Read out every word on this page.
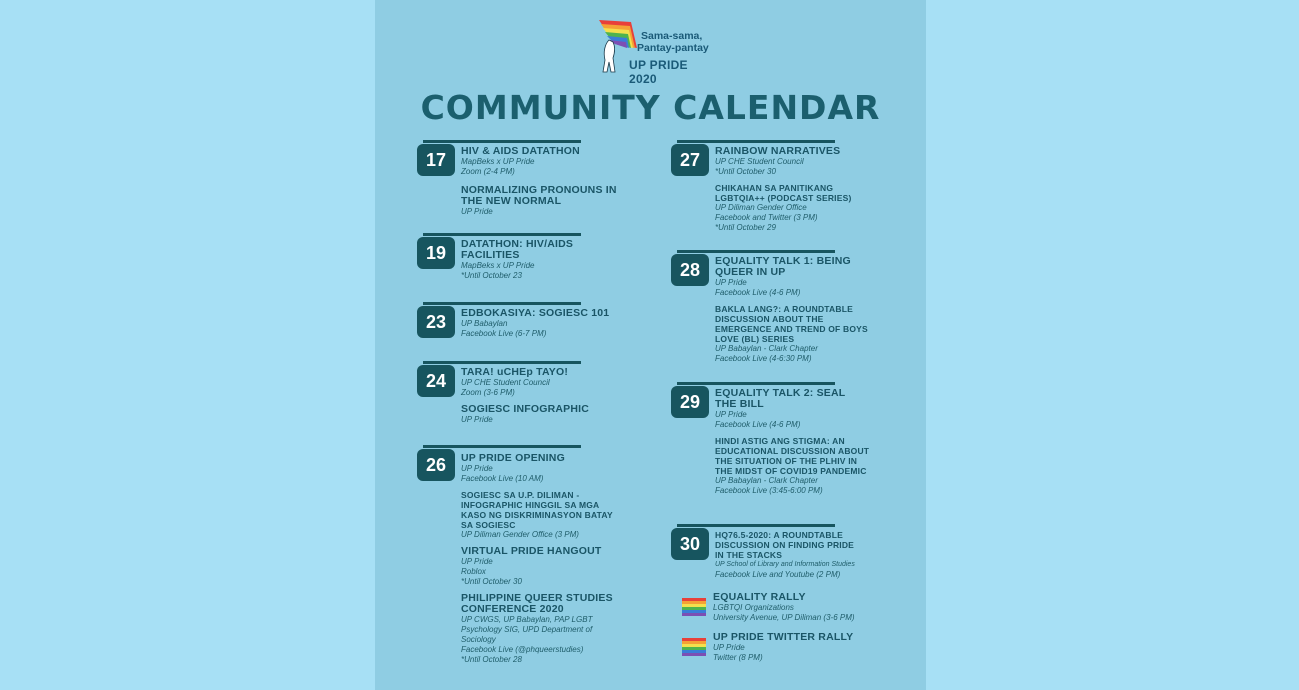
Sama-sama,
Pantay-pantay
UP PRIDE 2020
COMMUNITY CALENDAR
17	HIV & AIDS DATATHON
MapBeks x UP Pride
Zoom (2-4 PM)
NORMALIZING PRONOUNS IN THE NEW NORMAL
UP Pride
19	DATATHON: HIV/AIDS FACILITIES
MapBeks x UP Pride
*Until October 23
23	EDBOKASIYA: SOGIESC 101
UP Babaylan
Facebook Live (6-7 PM)
24	TARA! uCHEp TAYO!
UP CHE Student Council
Zoom (3-6 PM)
SOGIESC INFOGRAPHIC
UP Pride
26	UP PRIDE OPENING
UP Pride
Facebook Live (10 AM)
SOGIESC SA U.P. DILIMAN - INFOGRAPHIC HINGGIL SA MGA KASO NG DISKRIMINASYON BATAY SA SOGIESC
UP Diliman Gender Office (3 PM)
VIRTUAL PRIDE HANGOUT
UP Pride
Roblox
*Until October 30
PHILIPPINE QUEER STUDIES CONFERENCE 2020
UP CWGS, UP Babaylan, PAP LGBT Psychology SIG, UPD Department of Sociology
Facebook Live (@phqueerstudies)
*Until October 28
27	RAINBOW NARRATIVES
UP CHE Student Council
*Until October 30
CHIKAHAN SA PANITIKANG LGBTQIA++ (PODCAST SERIES)
UP Diliman Gender Office
Facebook and Twitter (3 PM)
*Until October 29
28	EQUALITY TALK 1: BEING QUEER IN UP
UP Pride
Facebook Live (4-6 PM)
BAKLA LANG?: A ROUNDTABLE DISCUSSION ABOUT THE EMERGENCE AND TREND OF BOYS LOVE (BL) SERIES
UP Babaylan - Clark Chapter
Facebook Live (4-6:30 PM)
29	EQUALITY TALK 2: SEAL THE BILL
UP Pride
Facebook Live (4-6 PM)
HINDI ASTIG ANG STIGMA: AN EDUCATIONAL DISCUSSION ABOUT THE SITUATION OF THE PLHIV IN THE MIDST OF COVID19 PANDEMIC
UP Babaylan - Clark Chapter
Facebook Live (3:45-6:00 PM)
30	HQ76.5-2020: A ROUNDTABLE DISCUSSION ON FINDING PRIDE IN THE STACKS
UP School of Library and Information Studies
Facebook Live and Youtube (2 PM)
EQUALITY RALLY
LGBTQI Organizations
University Avenue, UP Diliman (3-6 PM)
UP PRIDE TWITTER RALLY
UP Pride
Twitter (8 PM)
